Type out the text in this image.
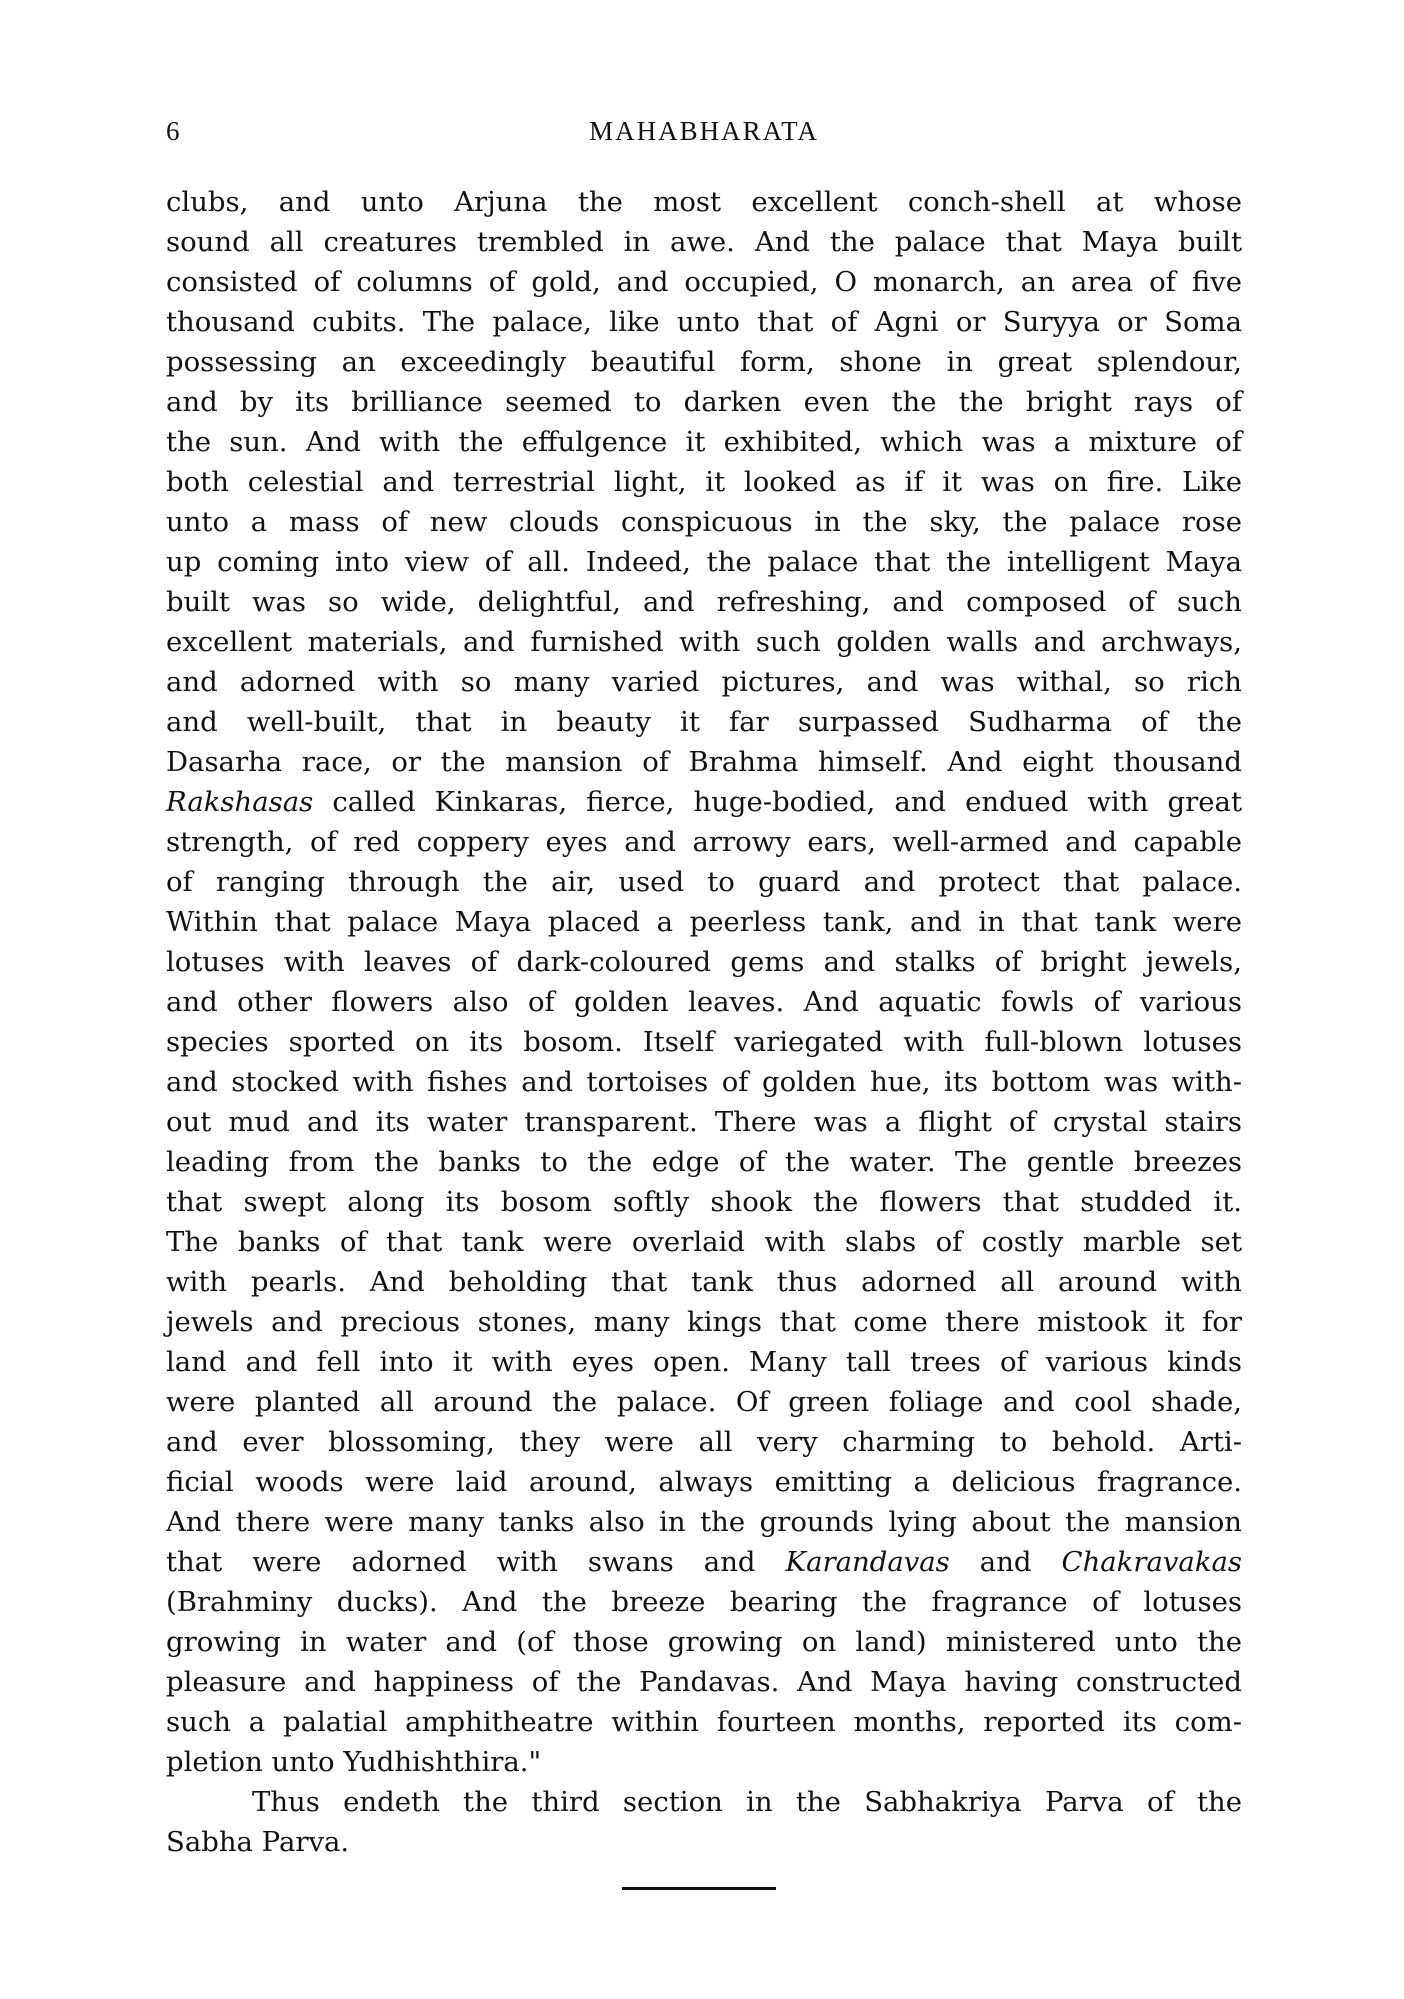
6	MAHABHARATA
clubs, and unto Arjuna the most excellent conch-shell at whose
sound all creatures trembled in awe. And the palace that Maya built
consisted of columns of gold, and occupied, O monarch, an area of five
thousand cubits. The palace, like unto that of Agni or Suryya or Soma
possessing an exceedingly beautiful form, shone in great splendour,
and by its brilliance seemed to darken even the the bright rays of
the sun. And with the effulgence it exhibited, which was a mixture of
both celestial and terrestrial light, it looked as if it was on fire. Like
unto a mass of new clouds conspicuous in the sky, the palace rose
up coming into view of all. Indeed, the palace that the intelligent Maya
built was so wide, delightful, and refreshing, and composed of such
excellent materials, and furnished with such golden walls and archways,
and adorned with so many varied pictures, and was withal, so rich
and well-built, that in beauty it far surpassed Sudharma of the
Dasarha race, or the mansion of Brahma himself. And eight thousand
Rakshasas called Kinkaras, fierce, huge-bodied, and endued with great
strength, of red coppery eyes and arrowy ears, well-armed and capable
of ranging through the air, used to guard and protect that palace.
Within that palace Maya placed a peerless tank, and in that tank were
lotuses with leaves of dark-coloured gems and stalks of bright jewels,
and other flowers also of golden leaves. And aquatic fowls of various
species sported on its bosom. Itself variegated with full-blown lotuses
and stocked with fishes and tortoises of golden hue, its bottom was with-
out mud and its water transparent. There was a flight of crystal stairs
leading from the banks to the edge of the water. The gentle breezes
that swept along its bosom softly shook the flowers that studded it.
The banks of that tank were overlaid with slabs of costly marble set
with pearls. And beholding that tank thus adorned all around with
jewels and precious stones, many kings that come there mistook it for
land and fell into it with eyes open. Many tall trees of various kinds
were planted all around the palace. Of green foliage and cool shade,
and ever blossoming, they were all very charming to behold. Arti-
ficial woods were laid around, always emitting a delicious fragrance.
And there were many tanks also in the grounds lying about the mansion
that were adorned with swans and Karandavas and Chakravakas
(Brahminy ducks). And the breeze bearing the fragrance of lotuses
growing in water and (of those growing on land) ministered unto the
pleasure and happiness of the Pandavas. And Maya having constructed
such a palatial amphitheatre within fourteen months, reported its com-
pletion unto Yudhishthira."
Thus endeth the third section in the Sabhakriya Parva of the
Sabha Parva.
